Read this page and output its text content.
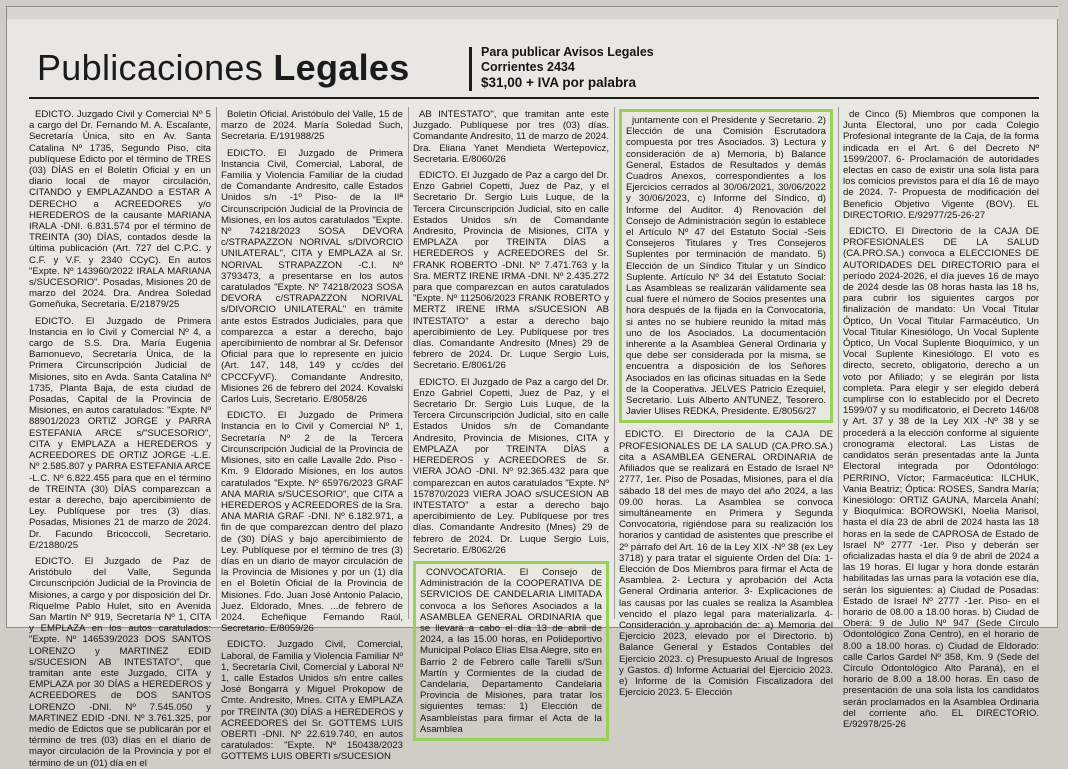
Publicaciones Legales	Para publicar Avisos Legales
Corrientes 2434
$31,00 + IVA por palabra

EDICTO. Juzgado Civil y Comercial Nº 5 a cargo del Dr. Fernando M. A. Escalante, Secretaría Única, sito en Av. Santa Catalina Nº 1735, Segundo Piso, cita publíquese Edicto por el término de TRES (03) DÍAS en el Boletín Oficial y en un diario local de mayor circulación, CITANDO y EMPLAZANDO a ESTAR A DERECHO a ACREEDORES y/o HEREDEROS de la causante MARIANA IRALA -DNI. 6.831.574 por el término de TREINTA (30) DÍAS, contados desde la última publicación (Art. 727 del C.P.C. y C.F. y V.F. y 2340 CCyC). En autos "Expte. Nº 143960/2022 IRALA MARIANA s/SUCESORIO". Posadas, Misiones 20 de marzo del 2024. Dra. Andrea Soledad Gomeñuka, Secretaria. E/21879/25

EDICTO. El Juzgado de Primera Instancia en lo Civil y Comercial Nº 4, a cargo de S.S. Dra. María Eugenia Bamonuevo, Secretaría Única, de la Primera Circunscripción Judicial de Misiones, sito en Avda. Santa Catalina Nº 1735, Planta Baja, de esta ciudad de Posadas, Capital de la Provincia de Misiones, en autos caratulados: "Expte. Nº 88901/2023 ORTIZ JORGE y PARRA ESTEFANIA ARCE s/"SUCESORIO", CITA y EMPLAZA a HEREDEROS y ACREEDORES DE ORTIZ JORGE -L.E. Nº 2.585.807 y PARRA ESTEFANIA ARCE -L.C. Nº 6.822.455 para que en el término de TREINTA (30) DÍAS comparezcan a estar a derecho, bajo apercibimiento de Ley. Publíquese por tres (3) días. Posadas, Misiones 21 de marzo de 2024. Dr. Facundo Bricoccoli, Secretario. E/21880/25

EDICTO. El Juzgado de Paz de Aristóbulo del Valle, Segunda Circunscripción Judicial de la Provincia de Misiones, a cargo y por disposición del Dr. Riquelme Pablo Hulet, sito en Avenida San Martín Nº 919, Secretaría Nº 1, CITA y EMPLAZA en los autos caratulados: "Expte. Nº 146539/2023 DOS SANTOS LORENZO y MARTINEZ EDID s/SUCESION AB INTESTATO", que tramitan ante este Juzgado, CITA y EMPLAZA por 30 DÍAS a HEREDEROS y ACREEDORES de DOS SANTOS LORENZO -DNI. Nº 7.545.050 y MARTINEZ EDID -DNI. Nº 3.761.325, por medio de Edictos que se publicarán por el término de tres (03) días en el diario de mayor circulación de la Provincia y por el término de un (01) día en el

Boletín Oficial. Aristóbulo del Valle, 15 de marzo de 2024. María Soledad Such, Secretaria. E/191988/25

EDICTO. El Juzgado de Primera Instancia Civil, Comercial, Laboral, de Familia y Violencia Familiar de la ciudad de Comandante Andresito, calle Estados Unidos s/n -1º Piso- de la IIª Circunscripción Judicial de la Provincia de Misiones, en los autos caratulados "Expte. Nº 74218/2023 SOSA DEVORA c/STRAPAZZON NORIVAL s/DIVORCIO UNILATERAL", CITA y EMPLAZA al Sr. NORIVAL STRAPAZZON -C.I. Nº 3793473, a presentarse en los autos caratulados "Expte. Nº 74218/2023 SOSA DEVORA c/STRAPAZZON NORIVAL s/DIVORCIO UNILATERAL" en trámite ante estos Estrados Judiciales, para que comparezca a estar a derecho, bajo apercibimiento de nombrar al Sr. Defensor Oficial para que lo represente en juicio (Art. 147, 148, 149 y cc/des del CPCCFyVF). Comandante Andresito, Misiones 26 de febrero del 2024. Kovalski Carlos Luis, Secretario. E/8058/26

EDICTO. El Juzgado de Primera Instancia en lo Civil y Comercial Nº 1, Secretaría Nº 2 de la Tercera Circunscripción Judicial de la Provincia de Misiones, sito en calle Lavalle 2do. Piso -Km. 9 Eldorado Misiones, en los autos caratulados "Expte. Nº 65976/2023 GRAF ANA MARIA s/SUCESORIO", que CITA a HEREDEROS y ACREEDORES de la Sra. ANA MARIA GRAF -DNI. Nº 6.182.971, a fin de que comparezcan dentro del plazo de (30) DÍAS y bajo apercibimiento de Ley. Publíquese por el término de tres (3) días en un diario de mayor circulación de la Provincia de Misiones y por un (1) día en el Boletín Oficial de la Provincia de Misiones. Fdo. Juan José Antonio Palacio, Juez. Eldorado, Mnes. ...de febrero de 2024. Echeñique Fernando Raúl, Secretario. E/8059/26

EDICTO. Juzgado Civil, Comercial, Laboral, de Familia y Violencia Familiar Nº 1, Secretaría Civil, Comercial y Laboral Nº 1, calle Estados Unidos s/n entre calles José Bongarrá y Miguel Prokopow de Cmte. Andresito, Mnes. CITA y EMPLAZA por TREINTA (30) DÍAS a HEREDEROS y ACREEDORES del Sr. GOTTEMS LUIS OBERTI -DNI. Nº 22.619.740, en autos caratulados: "Expte. Nº 150438/2023 GOTTEMS LUIS OBERTI s/SUCESION

AB INTESTATO", que tramitan ante este Juzgado. Publíquese por tres (03) días. Comandante Andresito, 11 de marzo de 2024. Dra. Eliana Yanet Mendieta Wertepovicz, Secretaria. E/8060/26

EDICTO. El Juzgado de Paz a cargo del Dr. Enzo Gabriel Copetti, Juez de Paz, y el Secretario Dr. Sergio Luis Luque, de la Tercera Circunscripción Judicial, sito en calle Estados Unidos s/n de Comandante Andresito, Provincia de Misiones, CITA y EMPLAZA por TREINTA DÍAS a HEREDEROS y ACREEDORES del Sr. FRANK ROBERTO -DNI. Nº 7.471.763 y la Sra. MERTZ IRENE IRMA -DNI. Nº 2.435.272 para que comparezcan en autos caratulados "Expte. Nº 112506/2023 FRANK ROBERTO y MERTZ IRENE IRMA s/SUCESION AB INTESTATO" a estar a derecho bajo apercibimiento de Ley. Publíquese por tres días. Comandante Andresito (Mnes) 29 de febrero de 2024. Dr. Luque Sergio Luis, Secretario. E/8061/26

EDICTO. El Juzgado de Paz a cargo del Dr. Enzo Gabriel Copetti, Juez de Paz, y el Secretario Dr. Sergio Luis Luque, de la Tercera Circunscripción Judicial, sito en calle Estados Unidos s/n de Comandante Andresito, Provincia de Misiones, CITA y EMPLAZA por TREINTA DÍAS a HEREDEROS y ACREEDORES de Sr. VIERA JOAO -DNI. Nº 92.365.432 para que comparezcan en autos caratulados "Expte. Nº 157870/2023 VIERA JOAO s/SUCESION AB INTESTATO" a estar a derecho bajo apercibimiento de Ley. Publíquese por tres días. Comandante Andresito (Mnes) 29 de febrero de 2024. Dr. Luque Sergio Luis, Secretario. E/8062/26

CONVOCATORIA. El Consejo de Administración de la COOPERATIVA DE SERVICIOS DE CANDELARIA LIMITADA convoca a los Señores Asociados a la ASAMBLEA GENERAL ORDINARIA que se llevará a cabo el día 13 de abril de 2024, a las 15.00 horas, en Polideportivo Municipal Polaco Elías Elsa Alegre, sito en Barrio 2 de Febrero calle Tarelli s/Sun Martín y Cormientes de la ciudad de Candelaria, Departamento Candelaria Provincia de Misiones, para tratar los siguientes temas: 1) Elección de Asambleístas para firmar el Acta de la Asamblea

juntamente con el Presidente y Secretario. 2) Elección de una Comisión Escrutadora compuesta por tres Asociados. 3) Lectura y consideración de a) Memoria, b) Balance General, Estados de Resultados y demás Cuadros Anexos, correspondientes a los Ejercicios cerrados al 30/06/2021, 30/06/2022 y 30/06/2023, c) Informe del Síndico, d) Informe del Auditor. 4) Renovación del Consejo de Administración según lo establece el Artículo Nº 47 del Estatuto Social -Seis Consejeros Titulares y Tres Consejeros Suplentes por terminación de mandato. 5) Elección de un Síndico Titular y un Síndico Suplente. Artículo Nº 34 del Estatuto Social: Las Asambleas se realizarán válidamente sea cual fuere el número de Socios presentes una hora después de la fijada en la Convocatoria, si antes no se hubiere reunido la mitad más uno de los Asociados. La documentación inherente a la Asamblea General Ordinaria y que debe ser considerada por la misma, se encuentra a disposición de los Señores Asociados en las oficinas situadas en la Sede de la Cooperativa. JELVES Patricio Ezequiel, Secretario. Luis Alberto ANTUNEZ, Tesorero. Javier Ulises REDKA, Presidente. E/8056/27

EDICTO. El Directorio de la CAJA DE PROFESIONALES DE LA SALUD (CA.PRO.SA.) cita a ASAMBLEA GENERAL ORDINARIA de Afiliados que se realizará en Estado de Israel Nº 2777, 1er. Piso de Posadas, Misiones, para el día sábado 18 del mes de mayo del año 2024, a las 09.00 horas. La Asamblea se convoca simultáneamente en Primera y Segunda Convocatoria, rigiéndose para su realización los horarios y cantidad de asistentes que prescribe el 2º párrafo del Art. 16 de la Ley XIX -Nº 38 (ex Ley 3718) y para tratar el siguiente Orden del Día: 1- Elección de Dos Miembros para firmar el Acta de Asamblea. 2- Lectura y aprobación del Acta General Ordinaria anterior. 3- Explicaciones de las causas por las cuales se realiza la Asamblea vencido el plazo legal para materializarla. 4- Consideración y aprobación de: a) Memoria del Ejercicio 2023, elevado por el Directorio. b) Balance General y Estados Contables del Ejercicio 2023. c) Presupuesto Anual de Ingresos y Gastos. d) Informe Actuarial del Ejercicio 2023. e) Informe de la Comisión Fiscalizadora del Ejercicio 2023. 5- Elección

de Cinco (5) Miembros que componen la Junta Electoral, uno por cada Colegio Profesional integrante de la Caja, de la forma indicada en el Art. 6 del Decreto Nº 1599/2007. 6- Proclamación de autoridades electas en caso de existir una sola lista para los comicios previstos para el día 16 de mayo de 2024. 7- Propuesta de modificación del Beneficio Objetivo Vigente (BOV). EL DIRECTORIO. E/92977/25-26-27

EDICTO. El Directorio de la CAJA DE PROFESIONALES DE LA SALUD (CA.PRO.SA.) convoca a ELECCIONES DE AUTORIDADES DEL DIRECTORIO para el período 2024-2026, el día jueves 16 de mayo de 2024 desde las 08 horas hasta las 18 hs, para cubrir los siguientes cargos por finalización de mandato: Un Vocal Titular Óptico, Un Vocal Titular Farmacéutico, Un Vocal Titular Kinesiólogo, Un Vocal Suplente Óptico, Un Vocal Suplente Bioquímico, y un Vocal Suplente Kinesiólogo. El voto es directo, secreto, obligatorio, derecho a un voto por Afiliado; y se elegirán por lista completa. Para elegir y ser elegido deberá cumplirse con lo establecido por el Decreto 1599/07 y su modificatorio, el Decreto 146/08 y Art. 37 y 38 de la Ley XIX -Nº 38 y se procederá a la elección conforme al siguiente cronograma electoral. Las Listas de candidatos serán presentadas ante la Junta Electoral integrada por Odontólogo: PERRINO, Víctor; Farmacéutica: ILCHUK, Vania Beatriz; Óptica: ROSES, Sandra María; Kinesiólogo: ORTIZ GAUNA, Marcela Anahí; y Bioquímica: BOROWSKI, Noelia Marisol, hasta el día 23 de abril de 2024 hasta las 18 horas en la sede de CAPROSA de Estado de Israel Nº 2777 -1er. Piso y deberán ser oficializadas hasta el día 9 de abril de 2024 a las 19 horas. El lugar y hora donde estarán habilitadas las urnas para la votación ese día, serán los siguientes: a) Ciudad de Posadas: Estado de Israel Nº 2777 -1er. Piso- en el horario de 08.00 a 18.00 horas. b) Ciudad de Oberá: 9 de Julio Nº 947 (Sede Círculo Odontológico Zona Centro), en el horario de 8.00 a 18.00 horas. c) Ciudad de Eldorado: calle Carlos Gardel Nº 358, Km. 9 (Sede del Círculo Odontológico Alto Paraná), en el horario de 8.00 a 18.00 horas. En caso de presentación de una sola lista los candidatos serán proclamados en la Asamblea Ordinaria del corriente año. EL DIRECTORIO. E/92978/25-26
